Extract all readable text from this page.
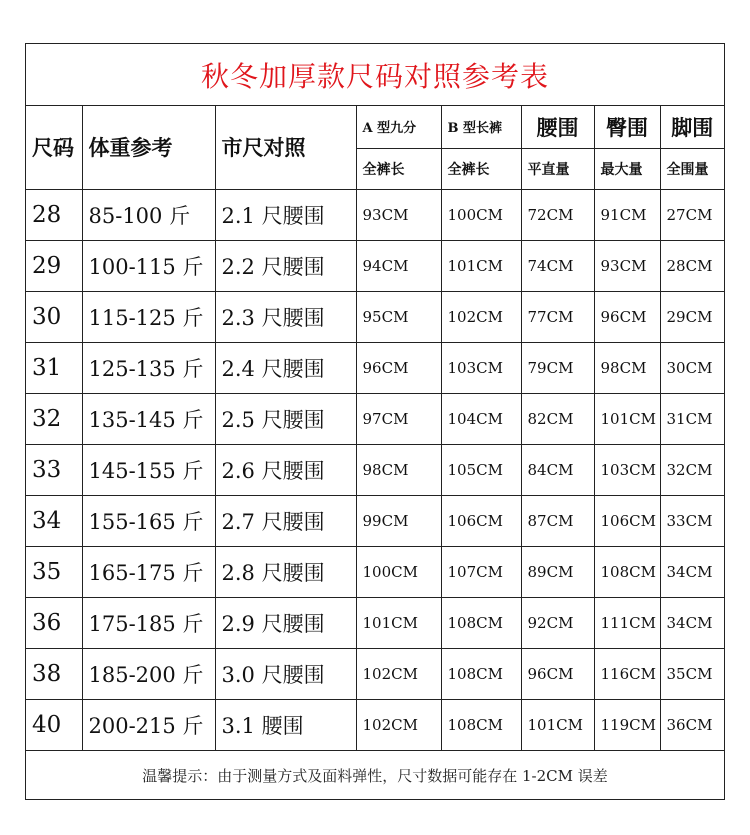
秋冬加厚款尺码对照参考表
尺码	体重参考	市尺对照	A 型九分	B 型长裤	腰围	臀围	脚围
			全裤长	全裤长	平直量	最大量	全围量
28	85-100 斤	2.1 尺腰围	93CM	100CM	72CM	91CM	27CM
29	100-115 斤	2.2 尺腰围	94CM	101CM	74CM	93CM	28CM
30	115-125 斤	2.3 尺腰围	95CM	102CM	77CM	96CM	29CM
31	125-135 斤	2.4 尺腰围	96CM	103CM	79CM	98CM	30CM
32	135-145 斤	2.5 尺腰围	97CM	104CM	82CM	101CM	31CM
33	145-155 斤	2.6 尺腰围	98CM	105CM	84CM	103CM	32CM
34	155-165 斤	2.7 尺腰围	99CM	106CM	87CM	106CM	33CM
35	165-175 斤	2.8 尺腰围	100CM	107CM	89CM	108CM	34CM
36	175-185 斤	2.9 尺腰围	101CM	108CM	92CM	111CM	34CM
38	185-200 斤	3.0 尺腰围	102CM	108CM	96CM	116CM	35CM
40	200-215 斤	3.1 腰围	102CM	108CM	101CM	119CM	36CM
温馨提示：由于测量方式及面料弹性，尺寸数据可能存在 1-2CM 误差
